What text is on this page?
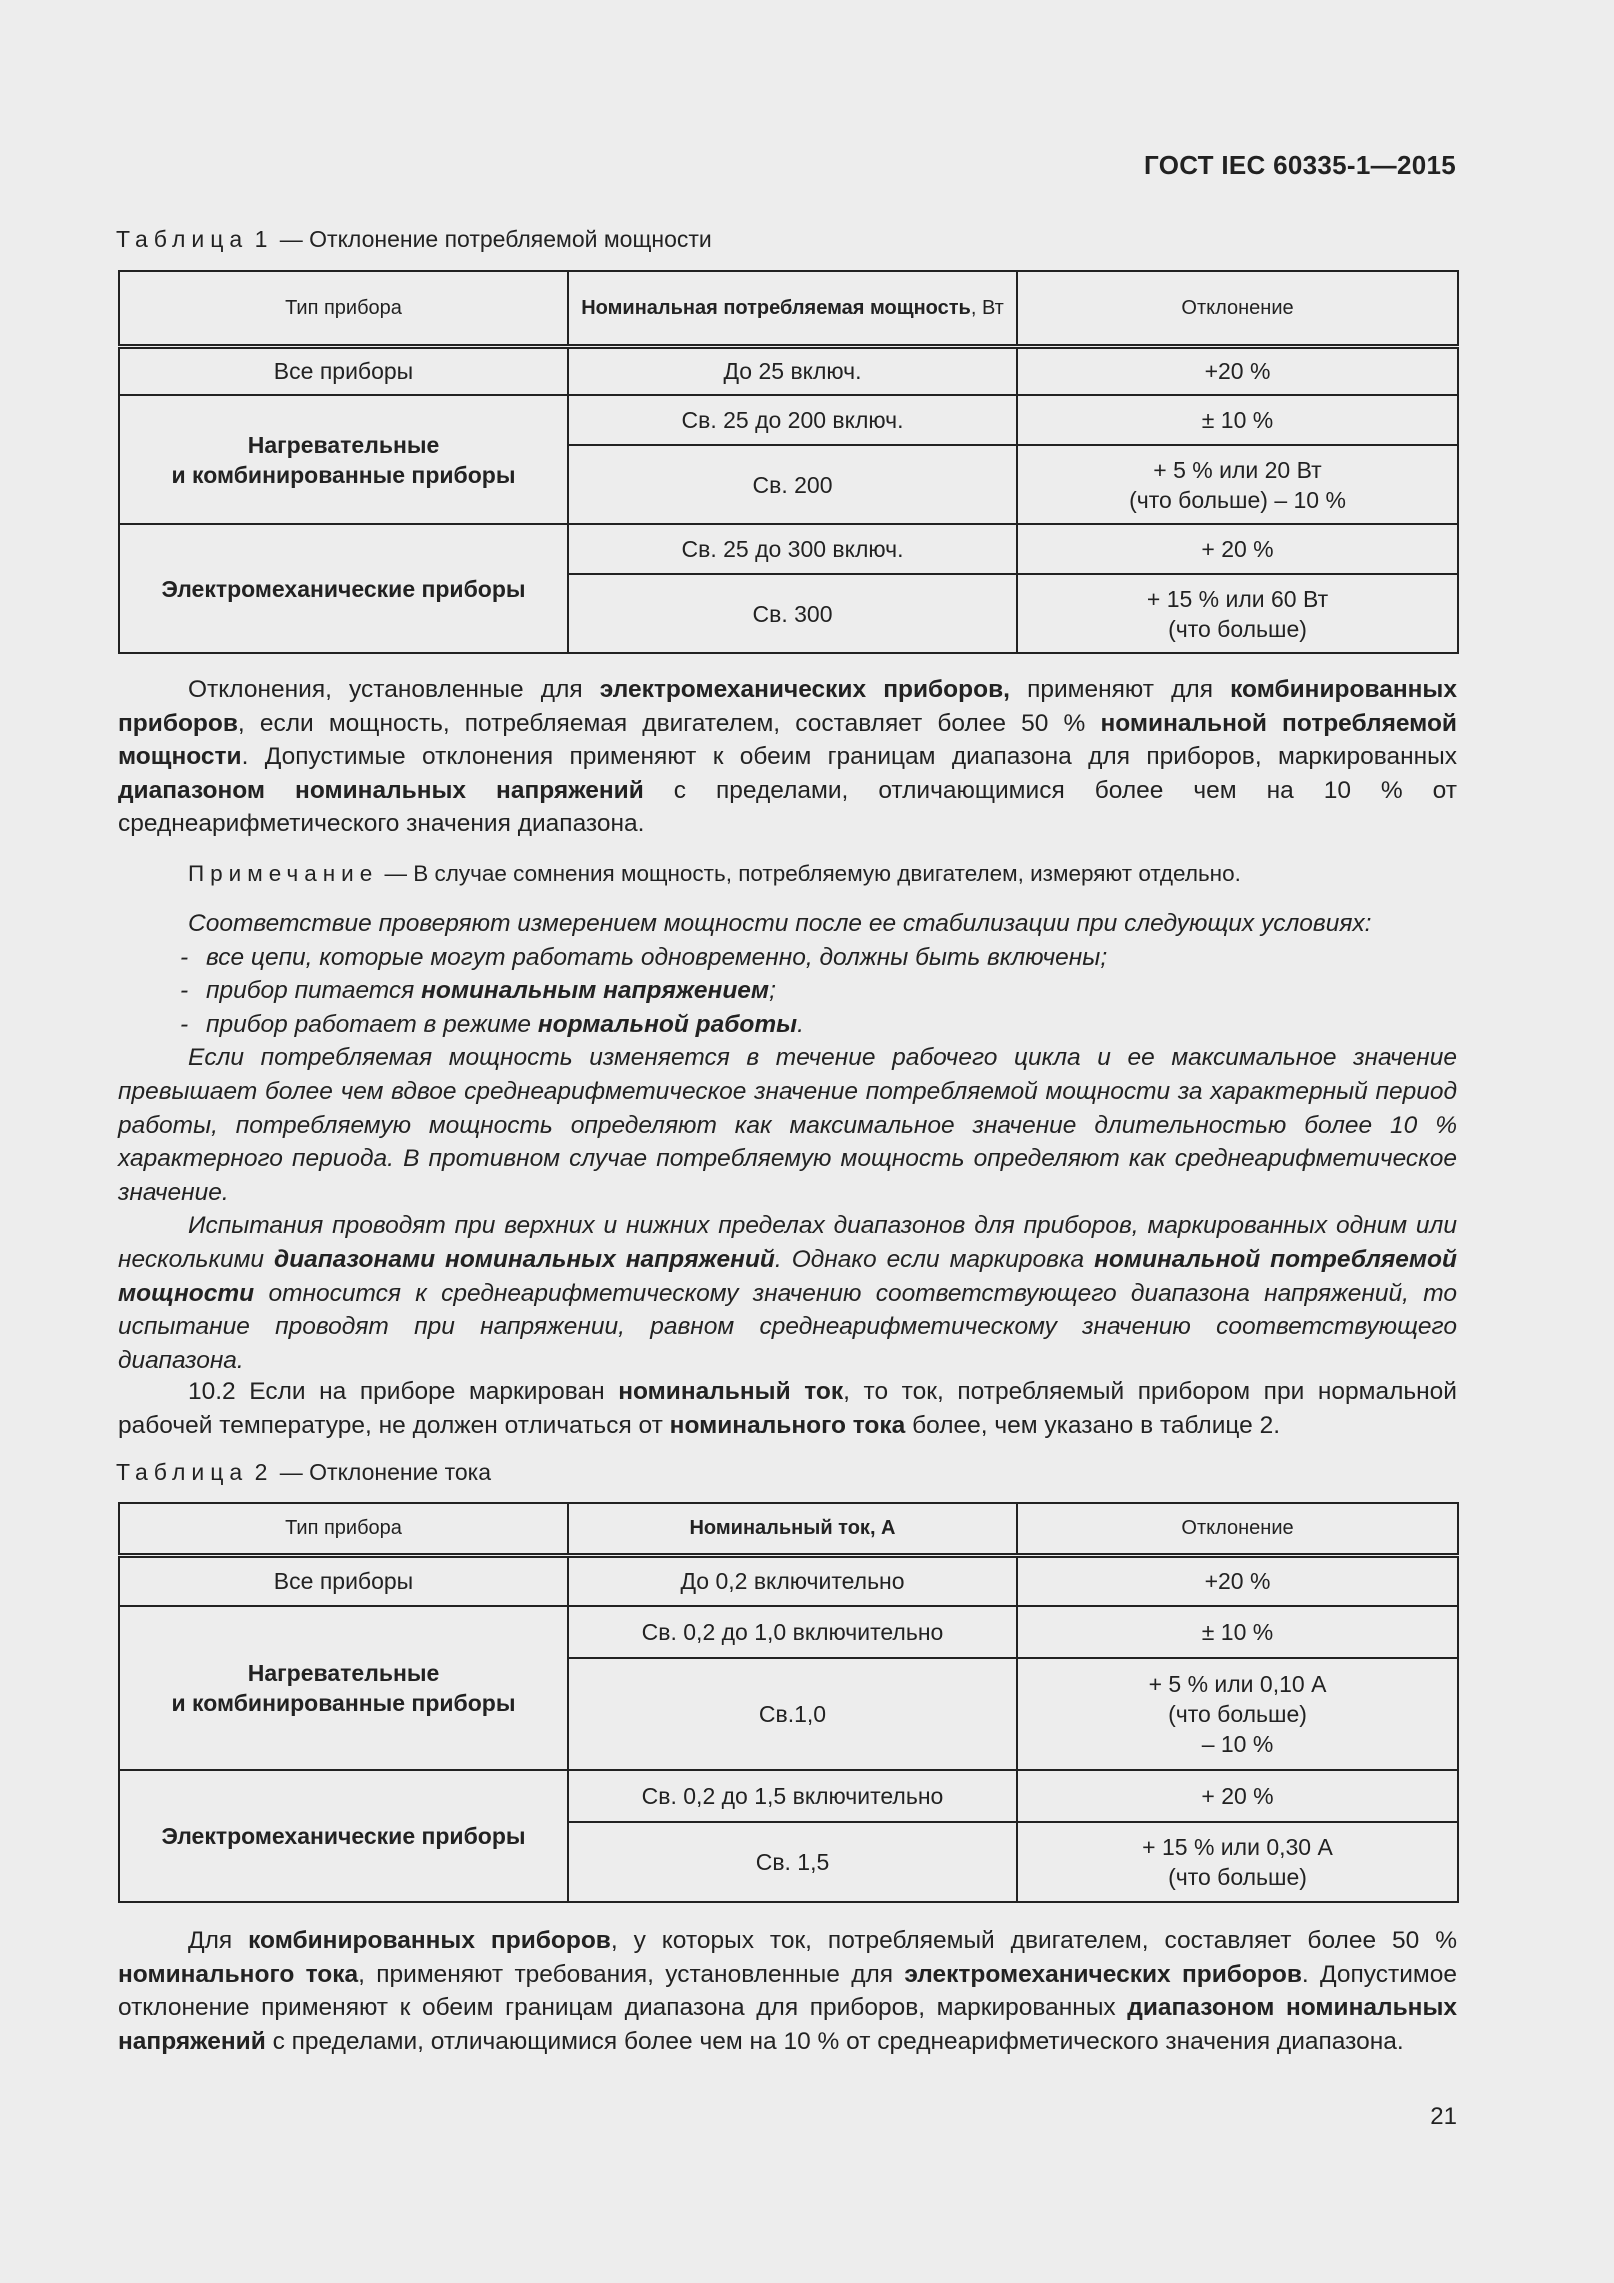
ГОСТ IEC 60335-1—2015
Таблица 1 — Отклонение потребляемой мощности
Тип прибора	Номинальная потребляемая мощность, Вт	Отклонение
Все приборы	До 25 включ.	+20 %

Нагревательные
и комбинированные приборы	Св. 25 до 200 включ.	± 10 %
	Св. 200	+ 5 % или 20 Вт
(что больше) – 10 %

Электромеханические приборы	Св. 25 до 300 включ.	+ 20 %
	Св. 300	+ 15 % или 60 Вт
(что больше)

Отклонения, установленные для электромеханических приборов, применяют для комбинированных приборов, если мощность, потребляемая двигателем, составляет более 50 % номинальной потребляемой мощности. Допустимые отклонения применяют к обеим границам диапазона для приборов, маркированных диапазоном номинальных напряжений с пределами, отличающимися более чем на 10 % от среднеарифметического значения диапазона.

Примечание — В случае сомнения мощность, потребляемую двигателем, измеряют отдельно.

Соответствие проверяют измерением мощности после ее стабилизации при следующих условиях:

- все цепи, которые могут работать одновременно, должны быть включены;

- прибор питается номинальным напряжением;

- прибор работает в режиме нормальной работы.

Если потребляемая мощность изменяется в течение рабочего цикла и ее максимальное значение превышает более чем вдвое среднеарифметическое значение потребляемой мощности за характерный период работы, потребляемую мощность определяют как максимальное значение длительностью более 10 % характерного периода. В противном случае потребляемую мощность определяют как среднеарифметическое значение.

Испытания проводят при верхних и нижних пределах диапазонов для приборов, маркированных одним или несколькими диапазонами номинальных напряжений. Однако если маркировка номинальной потребляемой мощности относится к среднеарифметическому значению соответствующего диапазона напряжений, то испытание проводят при напряжении, равном среднеарифметическому значению соответствующего диапазона.

10.2 Если на приборе маркирован номинальный ток, то ток, потребляемый прибором при нормальной рабочей температуре, не должен отличаться от номинального тока более, чем указано в таблице 2.

Таблица 2 — Отклонение тока
Тип прибора	Номинальный ток, А	Отклонение
Все приборы	До 0,2 включительно	+20 %

Нагревательные
и комбинированные приборы	Св. 0,2 до 1,0 включительно	± 10 %
	Св.1,0	+ 5 % или 0,10 А
(что больше)
– 10 %

Электромеханические приборы	Св. 0,2 до 1,5 включительно	+ 20 %
	Св. 1,5	+ 15 % или 0,30 А
(что больше)

Для комбинированных приборов, у которых ток, потребляемый двигателем, составляет более 50 % номинального тока, применяют требования, установленные для электромеханических приборов. Допустимое отклонение применяют к обеим границам диапазона для приборов, маркированных диапазоном номинальных напряжений с пределами, отличающимися более чем на 10 % от среднеарифметического значения диапазона.

21
